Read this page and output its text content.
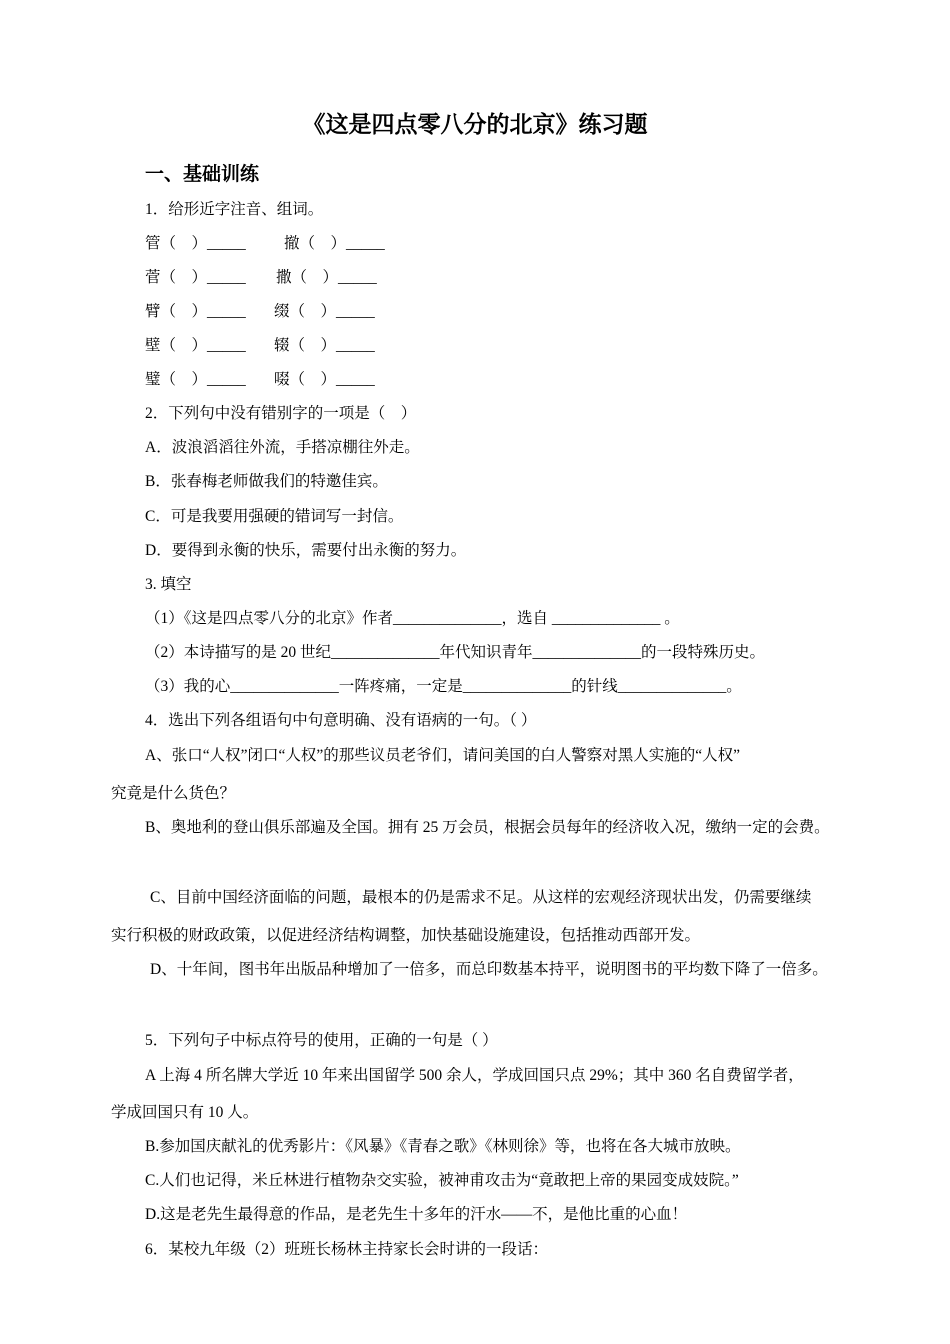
《这是四点零八分的北京》练习题
一、基础训练
1．给形近字注音、组词。
管（　）_____ 撤（　）_____
菅（　）_____ 撒（　）_____
臂（　）_____ 缀（　）_____
壁（　）_____ 辍（　）_____
璧（　）_____ 啜（　）_____
2．下列句中没有错别字的一项是（　）
A．波浪滔滔往外流，手搭凉棚往外走。
B．张春梅老师做我们的特邀佳宾。
C．可是我要用强硬的错词写一封信。
D．要得到永衡的快乐，需要付出永衡的努力。
3. 填空
（1）《这是四点零八分的北京》作者______________，选自 ______________ 。
（2）本诗描写的是 20 世纪______________年代知识青年______________的一段特殊历史。
（3）我的心______________一阵疼痛，一定是______________的针线______________。
4．选出下列各组语句中句意明确、没有语病的一句。（ ）
A、张口“人权”闭口“人权”的那些议员老爷们，请问美国的白人警察对黑人实施的“人权”
究竟是什么货色？
B、奥地利的登山俱乐部遍及全国。拥有 25 万会员，根据会员每年的经济收入况，缴纳一定的会费。
C、目前中国经济面临的问题，最根本的仍是需求不足。从这样的宏观经济现状出发，仍需要继续
实行积极的财政政策，以促进经济结构调整，加快基础设施建设，包括推动西部开发。
D、十年间，图书年出版品种增加了一倍多，而总印数基本持平，说明图书的平均数下降了一倍多。
5．下列句子中标点符号的使用，正确的一句是（ ）
A 上海 4 所名牌大学近 10 年来出国留学 500 余人，学成回国只点 29%；其中 360 名自费留学者，
学成回国只有 10 人。
B.参加国庆献礼的优秀影片：《风暴》《青春之歌》《林则徐》等，也将在各大城市放映。
C.人们也记得，米丘林进行植物杂交实验，被神甫攻击为“竟敢把上帝的果园变成妓院。”
D.这是老先生最得意的作品，是老先生十多年的汗水——不，是他比重的心血！
6．某校九年级（2）班班长杨林主持家长会时讲的一段话：
